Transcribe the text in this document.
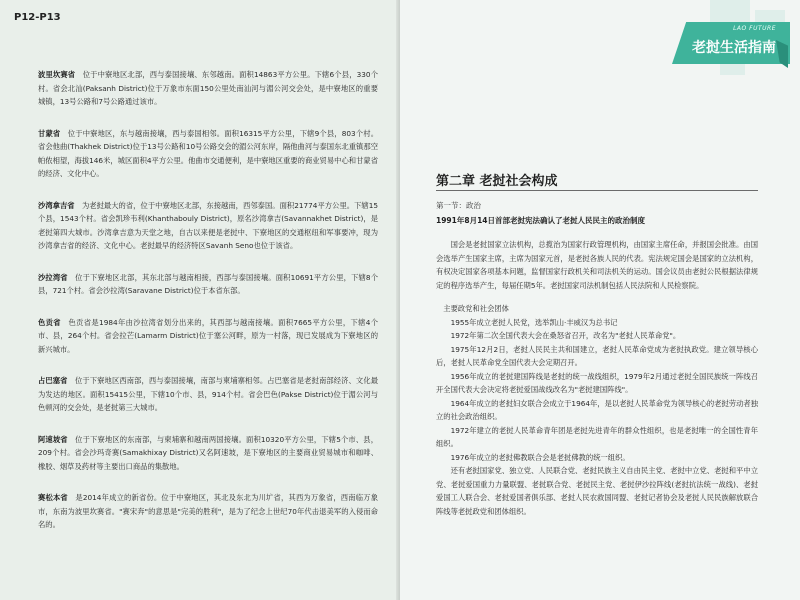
P12-P13
波里坎赛省　 位于中寮地区北部，西与泰国接壤、东邻越南。面积14863平方公里。下辖6个县，330个村。省会北汕(Paksanh District)位于万象市东面150公里处南汕河与湄公河交会处，是中寮地区的重要城镇，13号公路和7号公路通过该市。
甘蒙省　 位于中寮地区，东与越南接壤，西与泰国相邻。面积16315平方公里，下辖9个县，803个村。省会他曲(Thakhek District)位于13号公路和10号公路交会的湄公河东岸，隔他曲河与泰国东北重镇那空帕侬相望，海拔146米，城区面积4平方公里。他曲市交通便利，是中寮地区重要的商业贸易中心和甘蒙省的经济、文化中心。
沙湾拿吉省　 为老挝最大的省，位于中寮地区北部，东接越南，西邻泰国。面积21774平方公里。下辖15个县，1543个村。省会凯珍韦利(Khanthabouly District)，原名沙湾拿吉(Savannakhet District)，是老挝第四大城市。沙湾拿吉意为天堂之地，自古以来便是老挝中、下寮地区的交通枢纽和军事要冲，现为沙湾拿吉省的经济、文化中心。老挝最早的经济特区Savanh Seno也位于该省。
沙拉湾省　 位于下寮地区北部，其东北部与越南相接，西部与泰国接壤。面积10691平方公里，下辖8个县，721个村。省会沙拉湾(Saravane District)位于本省东部。
色贡省　 色贡省是1984年由沙拉湾省划分出来的，其西部与越南接壤。面积7665平方公里，下辖4个市、县，264个村。省会拉芒(Lamarm District)位于塞公河畔，原为一村落，现已发展成为下寮地区的新兴城市。
占巴塞省　 位于下寮地区西南部，西与泰国接壤，南部与柬埔寨相邻。占巴塞省是老挝南部经济、文化最为发达的地区。面积15415公里，下辖10个市、县，914个村。省会巴色(Pakse District)位于湄公河与色顿河的交会处，是老挝第三大城市。
阿速坡省　 位于下寮地区的东南部，与柬埔寨和越南两国接壤。面积10320平方公里，下辖5个市、县，209个村。省会沙玛奇赛(Samakhixay District)又名阿速坡，是下寮地区的主要商业贸易城市和咖啡、橡胶、烟草及药材等主要出口商品的集散地。
赛松本省　 是2014年成立的新省份。位于中寮地区，其北及东北为川圹省，其西为万象省，西南临万象市，东南为波里坎赛省。"赛宋奔"的意思是"完美的胜利"，是为了纪念上世纪70年代击退美军的入侵而命名的。
LAO FUTURE
老挝生活指南
第二章 老挝社会构成
第一节：政治
1991年8月14日首部老挝宪法确认了老挝人民民主的政治制度

国会是老挝国家立法机构，总揽治为国家行政管理机构，由国家主席任命，并报国会批准。由国会选举产生国家主席，主席为国家元首，是老挝各族人民的代表。宪法规定国会是国家的立法机构，有权决定国家各项基本问题，监督国家行政机关和司法机关的运动。国会议员由老挝公民根据法律规定的程序选举产生，每届任期5年。老挝国家司法机制包括人民法院和人民检察院。

主要政党和社会团体

1955年成立老挝人民党，选举凯山·丰威汉为总书记

1972年第二次全国代表大会在桑怒省召开，改名为"老挝人民革命党"。

1975年12月2日，老挝人民民主共和国建立，老挝人民革命党成为老挝执政党。建立领导核心后，老挝人民革命党全国代表大会定期召开。

1956年成立的老挝建国阵线是老挝的统一战线组织，1979年2月通过老挝全国民族统一阵线召开全国代表大会决定将老挝爱国战线改名为"老挝建国阵线"。

1964年成立的老挝妇女联合会成立于1964年，是以老挝人民革命党为领导核心的老挝劳动者独立的社会政治组织。

1972年建立的老挝人民革命青年团是老挝先进青年的群众性组织，也是老挝唯一的全国性青年组织。

1976年成立的老挝佛教联合会是老挝佛教的统一组织。

还有老挝国家党、独立党、人民联合党、老挝民族主义自由民主党、老挝中立党、老挝和平中立党、老挝爱国重力力量联盟、老挝联合党、老挝民主党、老挝伊沙拉阵线(老挝抗法统一战线)、老挝爱国工人联合会、老挝爱国者俱乐部、老挝人民农救国同盟、老挝记者协会及老挝人民民族解放联合阵线等老挝政党和团体组织。
